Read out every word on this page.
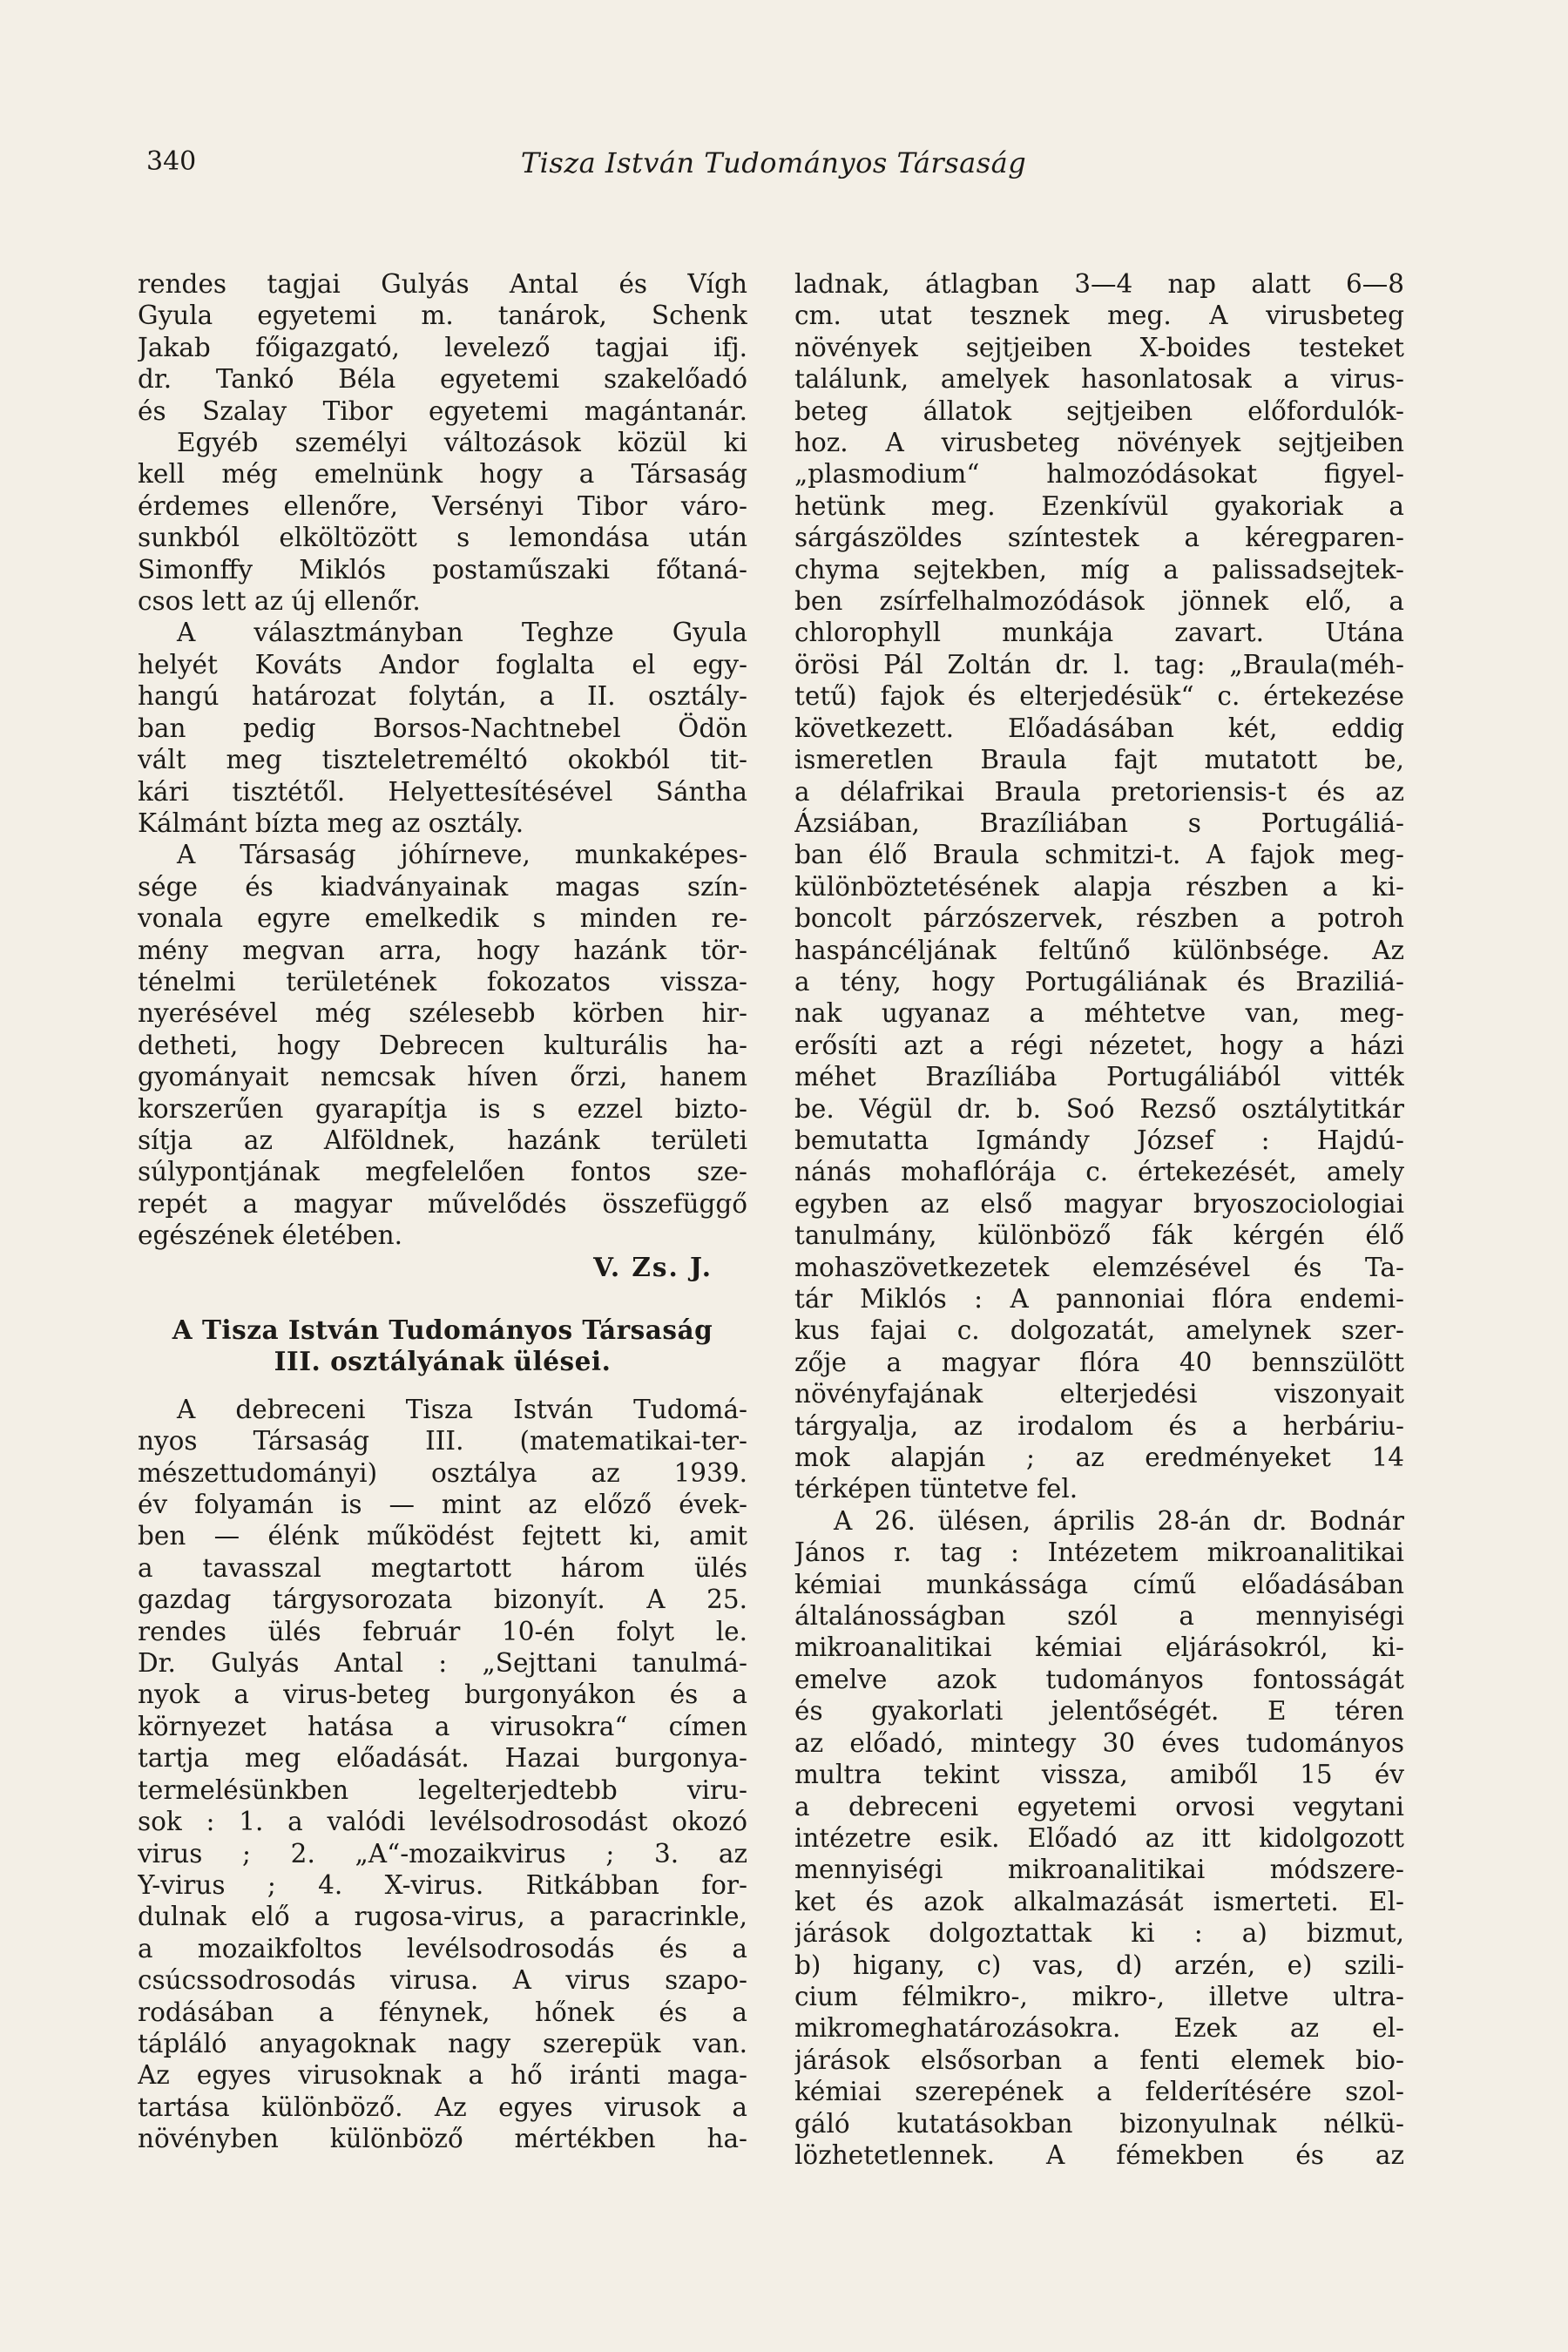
340	Tisza István Tudományos Társaság
rendes tagjai Gulyás Antal és Vígh
Gyula egyetemi m. tanárok, Schenk
Jakab főigazgató, levelező tagjai ifj.
dr. Tankó Béla egyetemi szakelőadó
és Szalay Tibor egyetemi magántanár.
Egyéb személyi változások közül ki
kell még emelnünk hogy a Társaság
érdemes ellenőre, Versényi Tibor váro-
sunkból elköltözött s lemondása után
Simonffy Miklós postaműszaki főtaná-
csos lett az új ellenőr.
A választmányban Teghze Gyula
helyét Kováts Andor foglalta el egy-
hangú határozat folytán, a II. osztály-
ban pedig Borsos-Nachtnebel Ödön
vált meg tiszteletreméltó okokból tit-
kári tisztétől. Helyettesítésével Sántha
Kálmánt bízta meg az osztály.
A Társaság jóhírneve, munkaképes-
sége és kiadványainak magas szín-
vonala egyre emelkedik s minden re-
mény megvan arra, hogy hazánk tör-
ténelmi területének fokozatos vissza-
nyerésével még szélesebb körben hir-
detheti, hogy Debrecen kulturális ha-
gyományait nemcsak híven őrzi, hanem
korszerűen gyarapítja is s ezzel bizto-
sítja az Alföldnek, hazánk területi
súlypontjának megfelelően fontos sze-
repét a magyar művelődés összefüggő
egészének életében.
V. Zs. J.
A Tisza István Tudományos Társaság
III. osztályának ülései.
A debreceni Tisza István Tudomá-
nyos Társaság III. (matematikai-ter-
mészettudományi) osztálya az 1939.
év folyamán is — mint az előző évek-
ben — élénk működést fejtett ki, amit
a tavasszal megtartott három ülés
gazdag tárgysorozata bizonyít. A 25.
rendes ülés február 10-én folyt le.
Dr. Gulyás Antal : „Sejttani tanulmá-
nyok a virus-beteg burgonyákon és a
környezet hatása a virusokra“ címen
tartja meg előadását. Hazai burgonya-
termelésünkben legelterjedtebb viru-
sok : 1. a valódi levélsodrosodást okozó
virus ; 2. „A“-mozaikvirus ; 3. az
Y-virus ; 4. X-virus. Ritkábban for-
dulnak elő a rugosa-virus, a paracrinkle,
a mozaikfoltos levélsodrosodás és a
csúcssodrosodás virusa. A virus szapo-
rodásában a fénynek, hőnek és a
tápláló anyagoknak nagy szerepük van.
Az egyes virusoknak a hő iránti maga-
tartása különböző. Az egyes virusok a
növényben különböző mértékben ha-
ladnak, átlagban 3—4 nap alatt 6—8
cm. utat tesznek meg. A virusbeteg
növények sejtjeiben X-boides testeket
találunk, amelyek hasonlatosak a virus-
beteg állatok sejtjeiben előfordulók-
hoz. A virusbeteg növények sejtjeiben
„plasmodium“ halmozódásokat figyel-
hetünk meg. Ezenkívül gyakoriak a
sárgászöldes színtestek a kéregparen-
chyma sejtekben, míg a palissadsejtek-
ben zsírfelhalmozódások jönnek elő, a
chlorophyll munkája zavart. Utána
örösi Pál Zoltán dr. l. tag: „Braula(méh-
tetű) fajok és elterjedésük“ c. értekezése
következett. Előadásában két, eddig
ismeretlen Braula fajt mutatott be,
a délafrikai Braula pretoriensis-t és az
Ázsiában, Brazíliában s Portugáliá-
ban élő Braula schmitzi-t. A fajok meg-
különböztetésének alapja részben a ki-
boncolt párzószervek, részben a potroh
haspáncéljának feltűnő különbsége. Az
a tény, hogy Portugáliának és Braziliá-
nak ugyanaz a méhtetve van, meg-
erősíti azt a régi nézetet, hogy a házi
méhet Brazíliába Portugáliából vitték
be. Végül dr. b. Soó Rezső osztálytitkár
bemutatta Igmándy József : Hajdú-
nánás mohaflórája c. értekezését, amely
egyben az első magyar bryoszociologiai
tanulmány, különböző fák kérgén élő
mohaszövetkezetek elemzésével és Ta-
tár Miklós : A pannoniai flóra endemi-
kus fajai c. dolgozatát, amelynek szer-
zője a magyar flóra 40 bennszülött
növényfajának elterjedési viszonyait
tárgyalja, az irodalom és a herbáriu-
mok alapján ; az eredményeket 14
térképen tüntetve fel.
A 26. ülésen, április 28-án dr. Bodnár
János r. tag : Intézetem mikroanalitikai
kémiai munkássága című előadásában
általánosságban szól a mennyiségi
mikroanalitikai kémiai eljárásokról, ki-
emelve azok tudományos fontosságát
és gyakorlati jelentőségét. E téren
az előadó, mintegy 30 éves tudományos
multra tekint vissza, amiből 15 év
a debreceni egyetemi orvosi vegytani
intézetre esik. Előadó az itt kidolgozott
mennyiségi mikroanalitikai módszere-
ket és azok alkalmazását ismerteti. El-
járások dolgoztattak ki : a) bizmut,
b) higany, c) vas, d) arzén, e) szili-
cium félmikro-, mikro-, illetve ultra-
mikromeghatározásokra. Ezek az el-
járások elsősorban a fenti elemek bio-
kémiai szerepének a felderítésére szol-
gáló kutatásokban bizonyulnak nélkü-
lözhetetlennek. A fémekben és az
